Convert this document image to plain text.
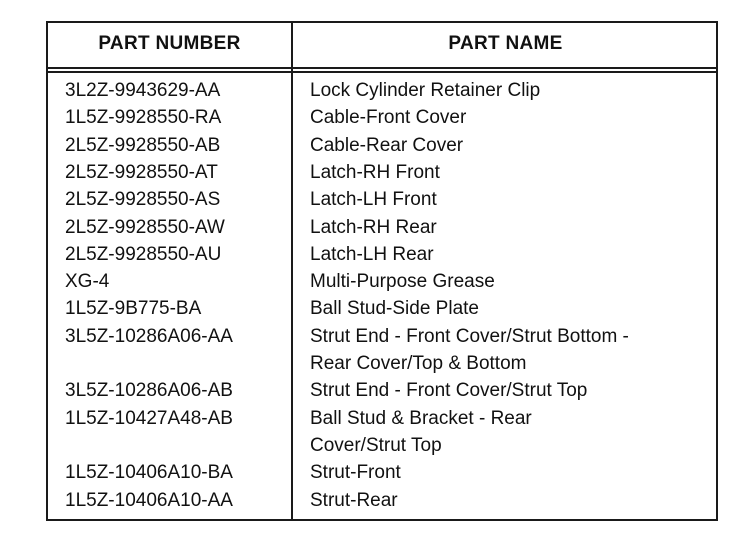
PART NUMBER	PART NAME
3L2Z-9943629-AA	Lock Cylinder Retainer Clip
1L5Z-9928550-RA	Cable-Front Cover
2L5Z-9928550-AB	Cable-Rear Cover
2L5Z-9928550-AT	Latch-RH Front
2L5Z-9928550-AS	Latch-LH Front
2L5Z-9928550-AW	Latch-RH Rear
2L5Z-9928550-AU	Latch-LH Rear
XG-4	Multi-Purpose Grease
1L5Z-9B775-BA	Ball Stud-Side Plate
3L5Z-10286A06-AA	Strut End - Front Cover/Strut Bottom -
Rear Cover/Top & Bottom
3L5Z-10286A06-AB	Strut End - Front Cover/Strut Top
1L5Z-10427A48-AB	Ball Stud & Bracket - Rear
Cover/Strut Top
1L5Z-10406A10-BA	Strut-Front
1L5Z-10406A10-AA	Strut-Rear
